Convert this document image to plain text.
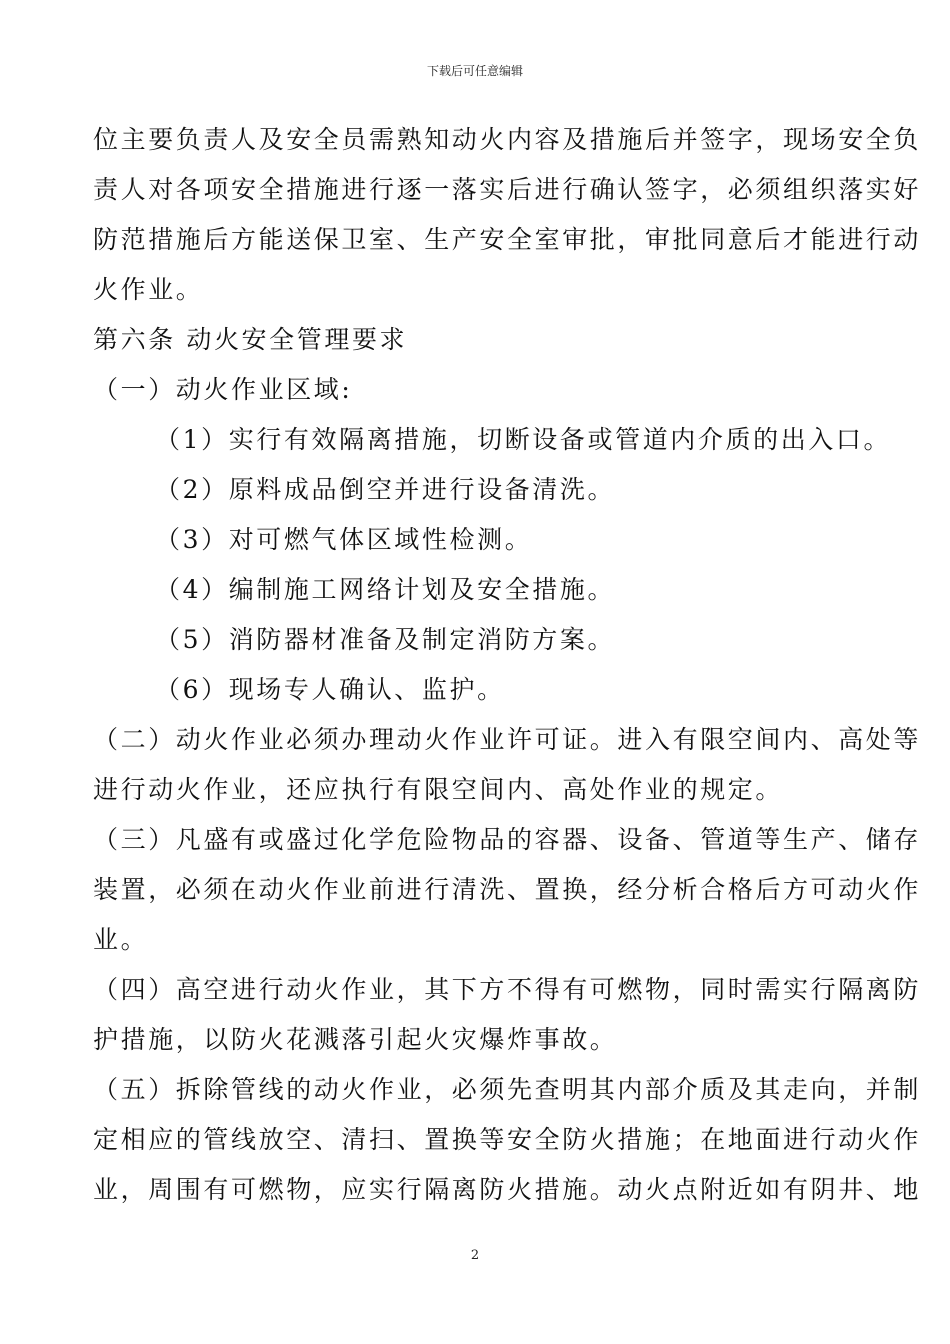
下载后可任意编辑
位主要负责人及安全员需熟知动火内容及措施后并签字，现场安全负
责人对各项安全措施进行逐一落实后进行确认签字，必须组织落实好
防范措施后方能送保卫室、生产安全室审批，审批同意后才能进行动
火作业。
第六条 动火安全管理要求
（一）动火作业区域:
（1）实行有效隔离措施，切断设备或管道内介质的出入口。
（2）原料成品倒空并进行设备清洗。
（3）对可燃气体区域性检测。
（4）编制施工网络计划及安全措施。
（5）消防器材准备及制定消防方案。
（6）现场专人确认、监护。
（二）动火作业必须办理动火作业许可证。进入有限空间内、高处等
进行动火作业，还应执行有限空间内、高处作业的规定。
（三）凡盛有或盛过化学危险物品的容器、设备、管道等生产、储存
装置，必须在动火作业前进行清洗、置换，经分析合格后方可动火作
业。
（四）高空进行动火作业，其下方不得有可燃物，同时需实行隔离防
护措施，以防火花溅落引起火灾爆炸事故。
（五）拆除管线的动火作业，必须先查明其内部介质及其走向，并制
定相应的管线放空、清扫、置换等安全防火措施；在地面进行动火作
业，周围有可燃物，应实行隔离防火措施。动火点附近如有阴井、地
2
